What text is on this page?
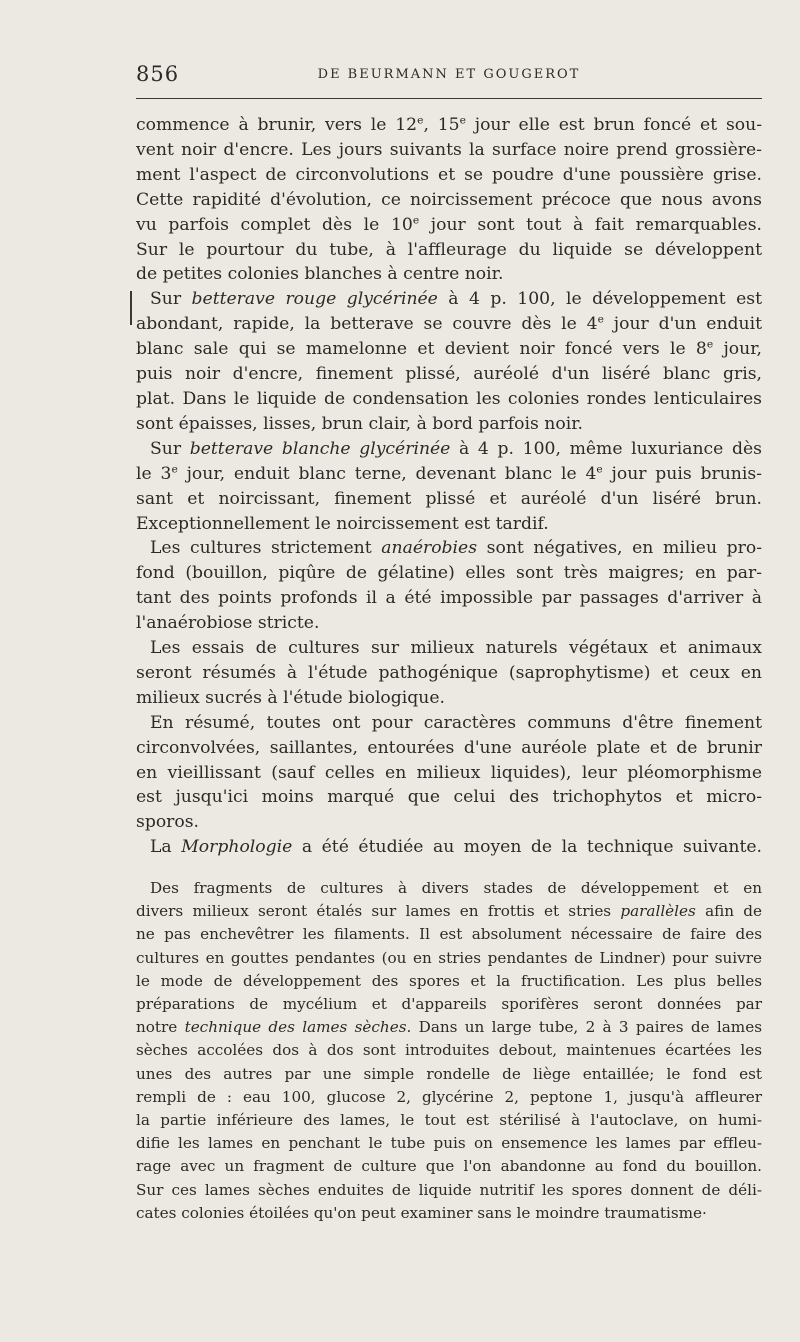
856	DE BEURMANN ET GOUGEROT

commence à brunir, vers le 12e, 15e jour elle est brun foncé et sou-
vent noir d'encre. Les jours suivants la surface noire prend grossière-
ment l'aspect de circonvolutions et se poudre d'une poussière grise.
Cette rapidité d'évolution, ce noircissement précoce que nous avons
vu parfois complet dès le 10e jour sont tout à fait remarquables.
Sur le pourtour du tube, à l'affleurage du liquide se développent
de petites colonies blanches à centre noir.

Sur betterave rouge glycérinée à 4 p. 100, le développement est
abondant, rapide, la betterave se couvre dès le 4e jour d'un enduit
blanc sale qui se mamelonne et devient noir foncé vers le 8e jour,
puis noir d'encre, finement plissé, auréolé d'un liséré blanc gris,
plat. Dans le liquide de condensation les colonies rondes lenticulaires
sont épaisses, lisses, brun clair, à bord parfois noir.

Sur betterave blanche glycérinée à 4 p. 100, même luxuriance dès
le 3e jour, enduit blanc terne, devenant blanc le 4e jour puis brunis-
sant et noircissant, finement plissé et auréolé d'un liséré brun.
Exceptionnellement le noircissement est tardif.

Les cultures strictement anaérobies sont négatives, en milieu pro-
fond (bouillon, piqûre de gélatine) elles sont très maigres; en par-
tant des points profonds il a été impossible par passages d'arriver à
l'anaérobiose stricte.

Les essais de cultures sur milieux naturels végétaux et animaux
seront résumés à l'étude pathogénique (saprophytisme) et ceux en
milieux sucrés à l'étude biologique.

En résumé, toutes ont pour caractères communs d'être finement
circonvolvées, saillantes, entourées d'une auréole plate et de brunir
en vieillissant (sauf celles en milieux liquides), leur pléomorphisme
est jusqu'ici moins marqué que celui des trichophytos et micro-
sporos.

La Morphologie a été étudiée au moyen de la technique suivante.

Des fragments de cultures à divers stades de développement et en
divers milieux seront étalés sur lames en frottis et stries parallèles afin de
ne pas enchevêtrer les filaments. Il est absolument nécessaire de faire des
cultures en gouttes pendantes (ou en stries pendantes de Lindner) pour suivre
le mode de développement des spores et la fructification. Les plus belles
préparations de mycélium et d'appareils sporifères seront données par
notre technique des lames sèches. Dans un large tube, 2 à 3 paires de lames
sèches accolées dos à dos sont introduites debout, maintenues écartées les
unes des autres par une simple rondelle de liège entaillée; le fond est
rempli de : eau 100, glucose 2, glycérine 2, peptone 1, jusqu'à affleurer
la partie inférieure des lames, le tout est stérilisé à l'autoclave, on humi-
difie les lames en penchant le tube puis on ensemence les lames par effleu-
rage avec un fragment de culture que l'on abandonne au fond du bouillon.
Sur ces lames sèches enduites de liquide nutritif les spores donnent de déli-
cates colonies étoilées qu'on peut examiner sans le moindre traumatisme·
